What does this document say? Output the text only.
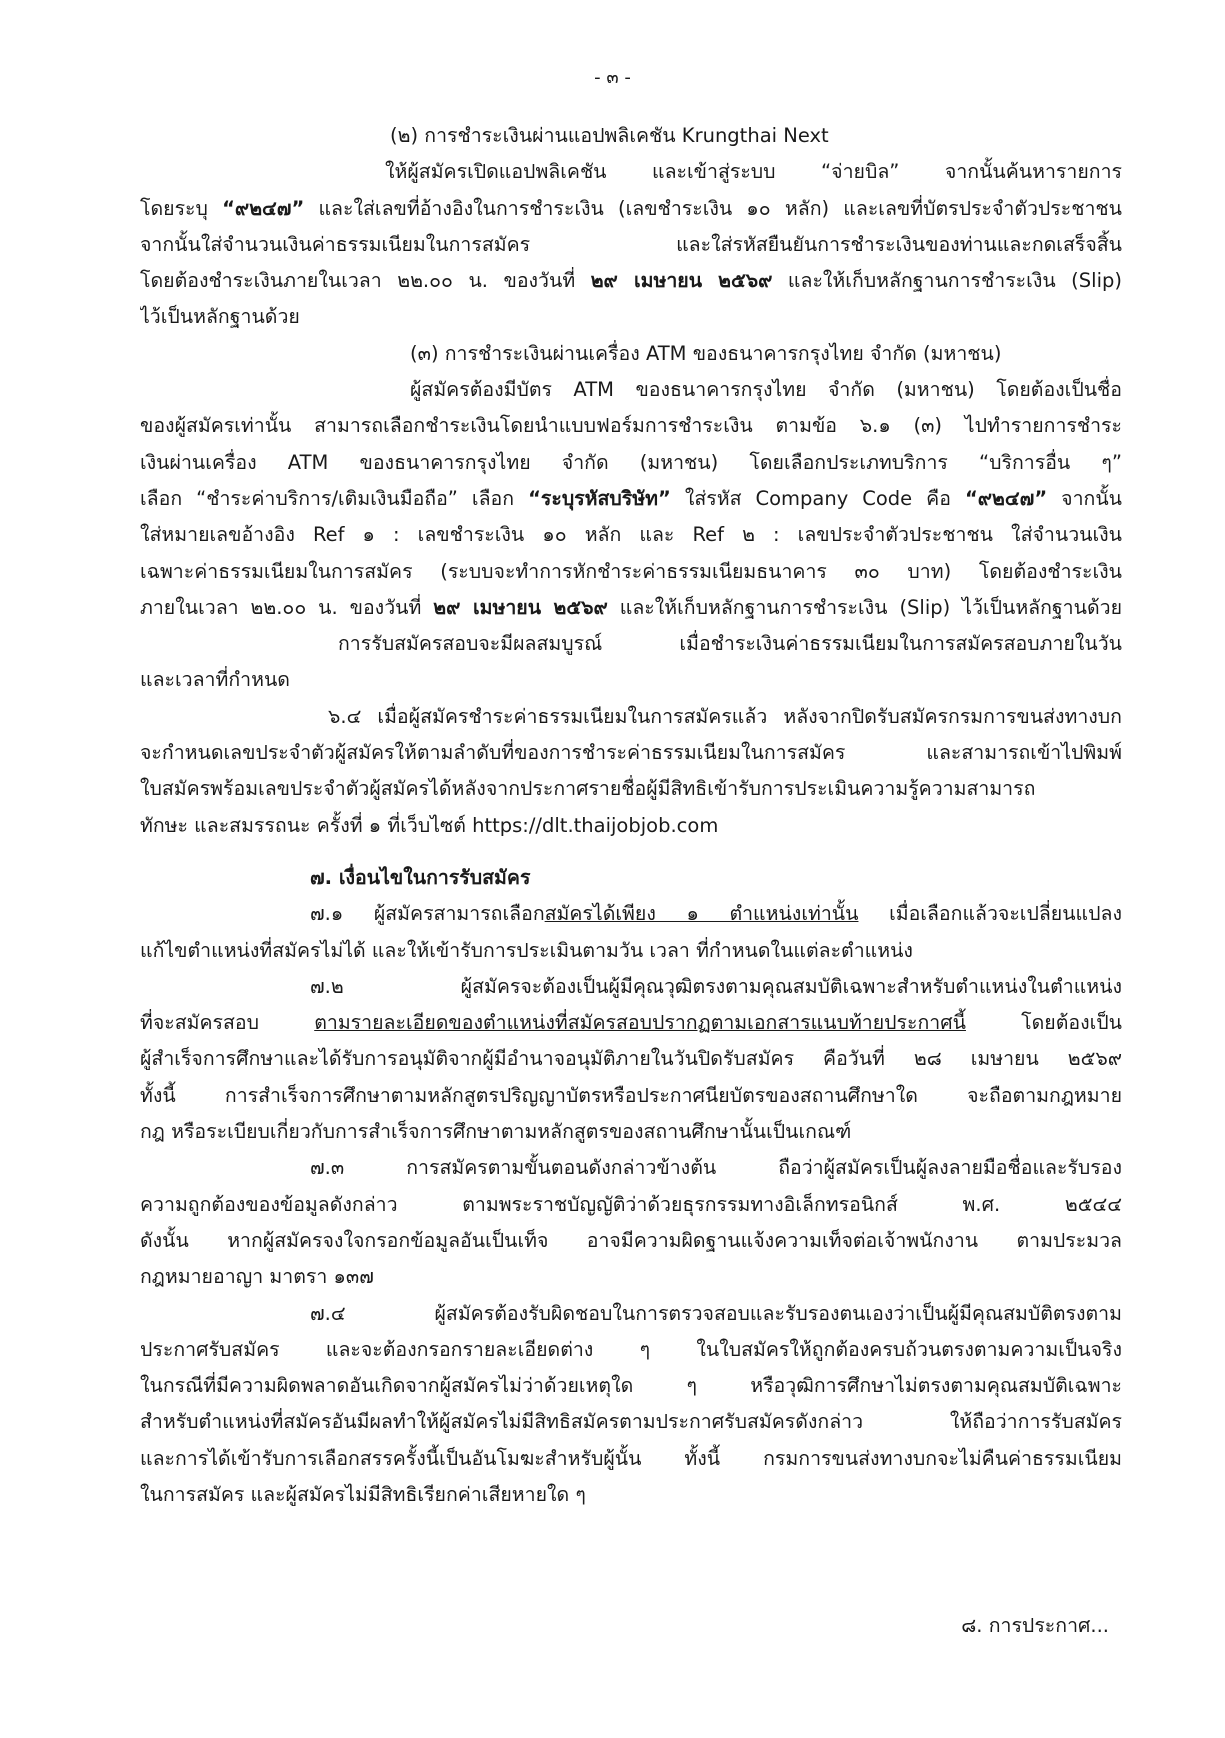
- ๓ -
(๒) การชำระเงินผ่านแอปพลิเคชัน Krungthai Next
ให้ผู้สมัครเปิดแอปพลิเคชัน และเข้าสู่ระบบ “จ่ายบิล” จากนั้นค้นหารายการ
โดยระบุ “๙๒๔๗” และใส่เลขที่อ้างอิงในการชำระเงิน (เลขชำระเงิน ๑๐ หลัก) และเลขที่บัตรประจำตัวประชาชน
จากนั้นใส่จำนวนเงินค่าธรรมเนียมในการสมัคร และใส่รหัสยืนยันการชำระเงินของท่านและกดเสร็จสิ้น
โดยต้องชำระเงินภายในเวลา ๒๒.๐๐ น. ของวันที่ ๒๙ เมษายน ๒๕๖๙ และให้เก็บหลักฐานการชำระเงิน (Slip)
ไว้เป็นหลักฐานด้วย
(๓) การชำระเงินผ่านเครื่อง ATM ของธนาคารกรุงไทย จำกัด (มหาชน)
ผู้สมัครต้องมีบัตร ATM ของธนาคารกรุงไทย จำกัด (มหาชน) โดยต้องเป็นชื่อ
ของผู้สมัครเท่านั้น สามารถเลือกชำระเงินโดยนำแบบฟอร์มการชำระเงิน ตามข้อ ๖.๑ (๓) ไปทำรายการชำระ
เงินผ่านเครื่อง ATM ของธนาคารกรุงไทย จำกัด (มหาชน) โดยเลือกประเภทบริการ “บริการอื่น ๆ”
เลือก “ชำระค่าบริการ/เติมเงินมือถือ” เลือก “ระบุรหัสบริษัท” ใส่รหัส Company Code คือ “๙๒๔๗” จากนั้น
ใส่หมายเลขอ้างอิง Ref ๑ : เลขชำระเงิน ๑๐ หลัก และ Ref ๒ : เลขประจำตัวประชาชน ใส่จำนวนเงิน
เฉพาะค่าธรรมเนียมในการสมัคร (ระบบจะทำการหักชำระค่าธรรมเนียมธนาคาร ๓๐ บาท) โดยต้องชำระเงิน
ภายในเวลา ๒๒.๐๐ น. ของวันที่ ๒๙ เมษายน ๒๕๖๙ และให้เก็บหลักฐานการชำระเงิน (Slip) ไว้เป็นหลักฐานด้วย
การรับสมัครสอบจะมีผลสมบูรณ์ เมื่อชำระเงินค่าธรรมเนียมในการสมัครสอบภายในวัน
และเวลาที่กำหนด
๖.๔ เมื่อผู้สมัครชำระค่าธรรมเนียมในการสมัครแล้ว หลังจากปิดรับสมัครกรมการขนส่งทางบก
จะกำหนดเลขประจำตัวผู้สมัครให้ตามลำดับที่ของการชำระค่าธรรมเนียมในการสมัคร และสามารถเข้าไปพิมพ์
ใบสมัครพร้อมเลขประจำตัวผู้สมัครได้หลังจากประกาศรายชื่อผู้มีสิทธิเข้ารับการประเมินความรู้ความสามารถ
ทักษะ และสมรรถนะ ครั้งที่ ๑ ที่เว็บไซต์ https://dlt.thaijobjob.com
๗. เงื่อนไขในการรับสมัคร
๗.๑ ผู้สมัครสามารถเลือกสมัครได้เพียง ๑ ตำแหน่งเท่านั้น เมื่อเลือกแล้วจะเปลี่ยนแปลง
แก้ไขตำแหน่งที่สมัครไม่ได้ และให้เข้ารับการประเมินตามวัน เวลา ที่กำหนดในแต่ละตำแหน่ง
๗.๒ ผู้สมัครจะต้องเป็นผู้มีคุณวุฒิตรงตามคุณสมบัติเฉพาะสำหรับตำแหน่งในตำแหน่ง
ที่จะสมัครสอบ ตามรายละเอียดของตำแหน่งที่สมัครสอบปรากฏตามเอกสารแนบท้ายประกาศนี้ โดยต้องเป็น
ผู้สำเร็จการศึกษาและได้รับการอนุมัติจากผู้มีอำนาจอนุมัติภายในวันปิดรับสมัคร คือวันที่ ๒๘ เมษายน ๒๕๖๙
ทั้งนี้ การสำเร็จการศึกษาตามหลักสูตรปริญญาบัตรหรือประกาศนียบัตรของสถานศึกษาใด จะถือตามกฎหมาย
กฎ หรือระเบียบเกี่ยวกับการสำเร็จการศึกษาตามหลักสูตรของสถานศึกษานั้นเป็นเกณฑ์
๗.๓ การสมัครตามขั้นตอนดังกล่าวข้างต้น ถือว่าผู้สมัครเป็นผู้ลงลายมือชื่อและรับรอง
ความถูกต้องของข้อมูลดังกล่าว ตามพระราชบัญญัติว่าด้วยธุรกรรมทางอิเล็กทรอนิกส์ พ.ศ. ๒๕๔๔
ดังนั้น หากผู้สมัครจงใจกรอกข้อมูลอันเป็นเท็จ อาจมีความผิดฐานแจ้งความเท็จต่อเจ้าพนักงาน ตามประมวล
กฎหมายอาญา มาตรา ๑๓๗
๗.๔ ผู้สมัครต้องรับผิดชอบในการตรวจสอบและรับรองตนเองว่าเป็นผู้มีคุณสมบัติตรงตาม
ประกาศรับสมัคร และจะต้องกรอกรายละเอียดต่าง ๆ ในใบสมัครให้ถูกต้องครบถ้วนตรงตามความเป็นจริง
ในกรณีที่มีความผิดพลาดอันเกิดจากผู้สมัครไม่ว่าด้วยเหตุใด ๆ หรือวุฒิการศึกษาไม่ตรงตามคุณสมบัติเฉพาะ
สำหรับตำแหน่งที่สมัครอันมีผลทำให้ผู้สมัครไม่มีสิทธิสมัครตามประกาศรับสมัครดังกล่าว ให้ถือว่าการรับสมัคร
และการได้เข้ารับการเลือกสรรครั้งนี้เป็นอันโมฆะสำหรับผู้นั้น ทั้งนี้ กรมการขนส่งทางบกจะไม่คืนค่าธรรมเนียม
ในการสมัคร และผู้สมัครไม่มีสิทธิเรียกค่าเสียหายใด ๆ
๘. การประกาศ...
